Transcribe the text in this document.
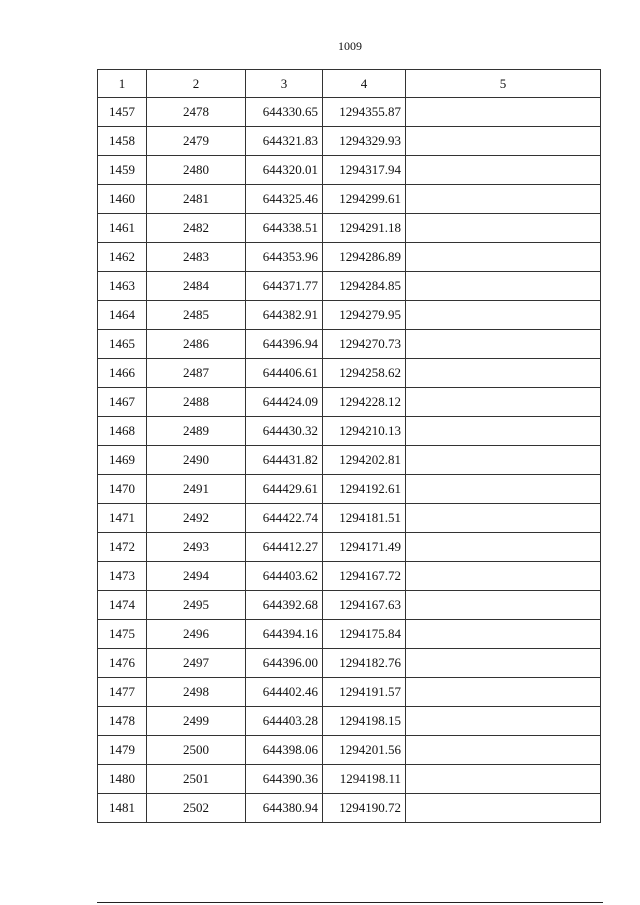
1009
1	2	3	4	5
1457	2478	644330.65	1294355.87	
1458	2479	644321.83	1294329.93	
1459	2480	644320.01	1294317.94	
1460	2481	644325.46	1294299.61	
1461	2482	644338.51	1294291.18	
1462	2483	644353.96	1294286.89	
1463	2484	644371.77	1294284.85	
1464	2485	644382.91	1294279.95	
1465	2486	644396.94	1294270.73	
1466	2487	644406.61	1294258.62	
1467	2488	644424.09	1294228.12	
1468	2489	644430.32	1294210.13	
1469	2490	644431.82	1294202.81	
1470	2491	644429.61	1294192.61	
1471	2492	644422.74	1294181.51	
1472	2493	644412.27	1294171.49	
1473	2494	644403.62	1294167.72	
1474	2495	644392.68	1294167.63	
1475	2496	644394.16	1294175.84	
1476	2497	644396.00	1294182.76	
1477	2498	644402.46	1294191.57	
1478	2499	644403.28	1294198.15	
1479	2500	644398.06	1294201.56	
1480	2501	644390.36	1294198.11	
1481	2502	644380.94	1294190.72	
